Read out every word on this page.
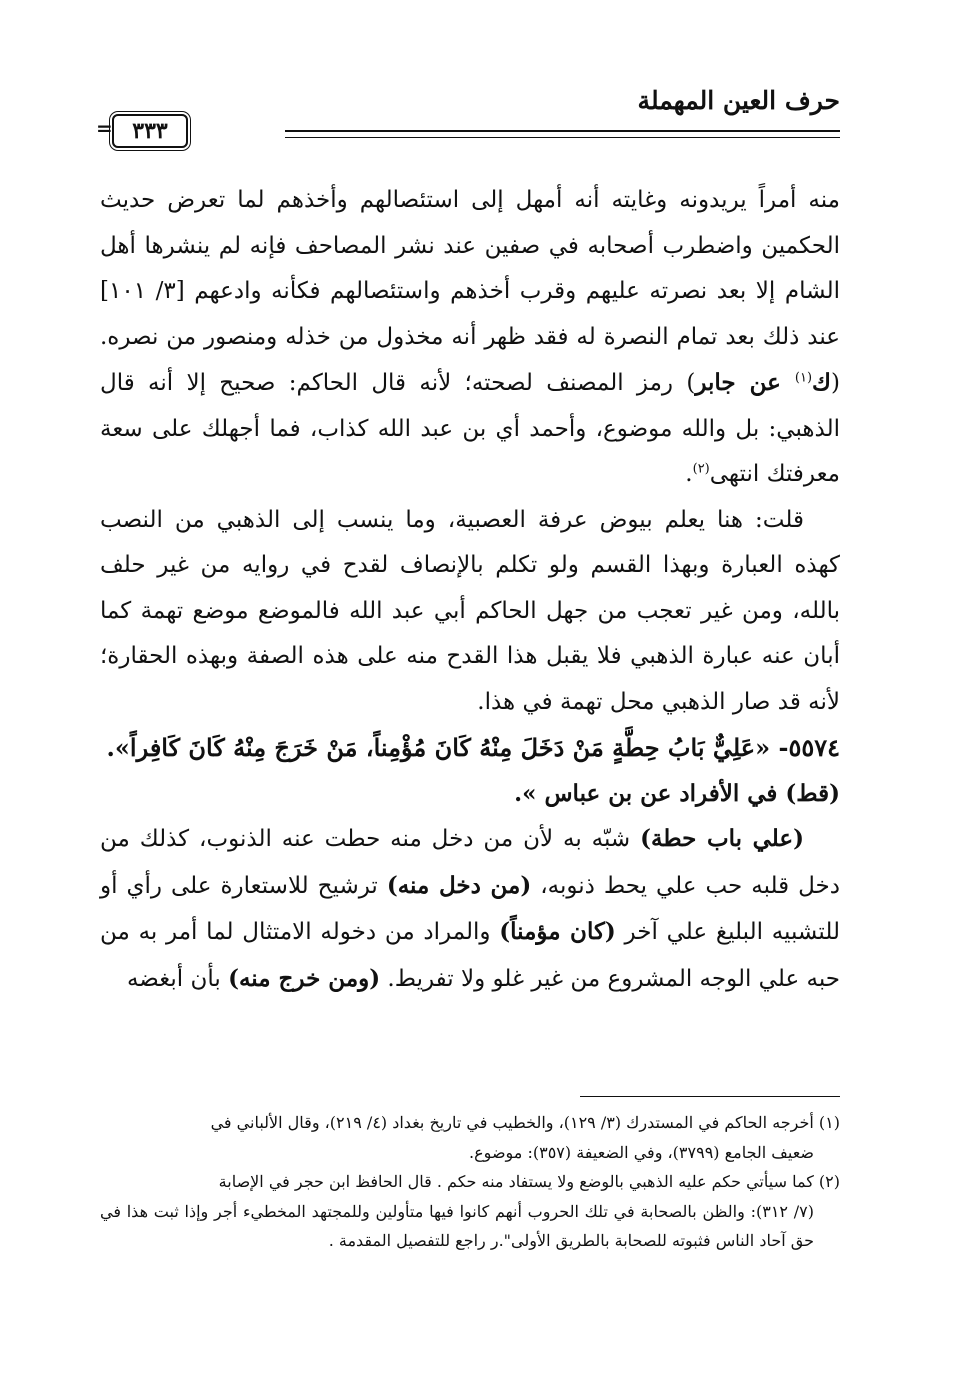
حرف العين المهملة
٣٣٣
=

منه أمراً يريدونه وغايته أنه أمهل إلى استئصالهم وأخذهم لما تعرض حديث الحكمين واضطرب أصحابه في صفين عند نشر المصاحف فإنه لم ينشرها أهل الشام إلا بعد نصرته عليهم وقرب أخذهم واستئصالهم فكأنه وادعهم [٣/ ١٠١] عند ذلك بعد تمام النصرة له فقد ظهر أنه مخذول من خذله ومنصور من نصره. (ك$^{(١)}$ عن جابر) رمز المصنف لصحته؛ لأنه قال الحاكم: صحيح إلا أنه قال الذهبي: بل والله موضوع، وأحمد أي بن عبد الله كذاب، فما أجهلك على سعة معرفتك انتهى$^{(٢)}$.

قلت: هنا يعلم بيوض عرفة العصبية، وما ينسب إلى الذهبي من النصب كهذه العبارة وبهذا القسم ولو تكلم بالإنصاف لقدح في روايه من غير حلف بالله، ومن غير تعجب من جهل الحاكم أبي عبد الله فالموضع موضع تهمة كما أبان عنه عبارة الذهبي فلا يقبل هذا القدح منه على هذه الصفة وبهذه الحقارة؛ لأنه قد صار الذهبي محل تهمة في هذا.

٥٥٧٤- «عَلِيٌّ بَابُ حِطَّةٍ مَنْ دَخَلَ مِنْهُ كَانَ مُؤْمِناً، مَنْ خَرَجَ مِنْهُ كَانَ كَافِراً».

(قط) في الأفراد عن بن عباس ».

(علي باب حطة) شبّه به لأن من دخل منه حطت عنه الذنوب، كذلك من دخل قلبه حب علي يحط ذنوبه، (من دخل منه) ترشيح للاستعارة على رأي أو للتشبيه البليغ علي آخر (كان مؤمناً) والمراد من دخوله الامتثال لما أمر به من حبه علي الوجه المشروع من غير غلو ولا تفريط. (ومن خرج منه) بأن أبغضه

(١) أخرجه الحاكم في المستدرك (٣/ ١٢٩)، والخطيب في تاريخ بغداد (٤/ ٢١٩)، وقال الألباني في

ضعيف الجامع (٣٧٩٩)، وفي الضعيفة (٣٥٧): موضوع.

(٢) كما سيأتي حكم عليه الذهبي بالوضع ولا يستفاد منه حكم . قال الحافظ ابن حجر في الإصابة

(٧/ ٣١٢): والظن بالصحابة في تلك الحروب أنهم كانوا فيها متأولين وللمجتهد المخطيء أجر وإذا ثبت هذا في حق آحاد الناس فثبوته للصحابة بالطريق الأولى".ر راجع للتفصيل المقدمة .
